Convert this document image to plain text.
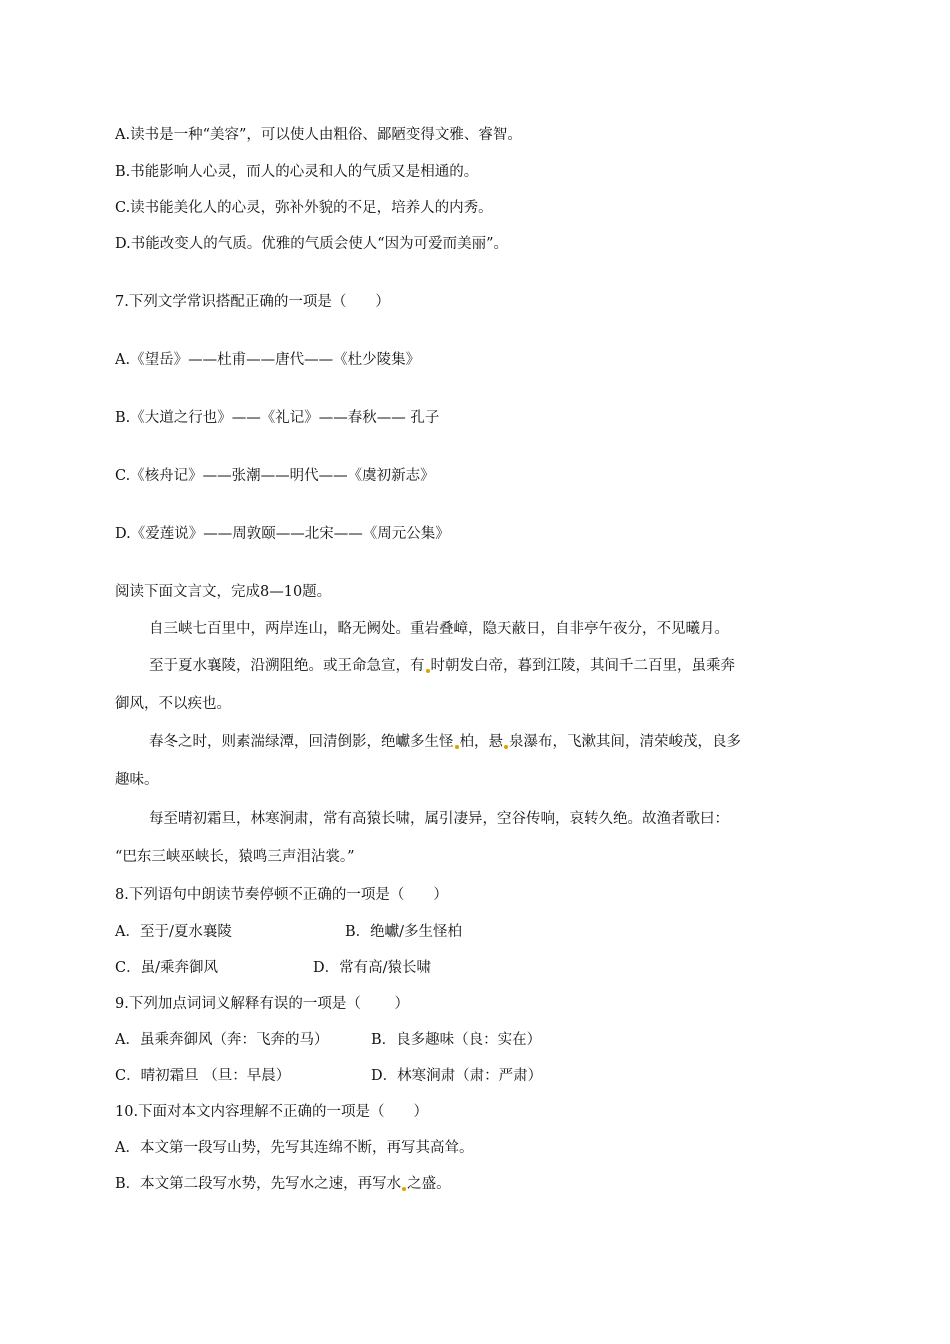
A.读书是一种“美容”，可以使人由粗俗、鄙陋变得文雅、睿智。
B.书能影响人心灵，而人的心灵和人的气质又是相通的。
C.读书能美化人的心灵，弥补外貌的不足，培养人的内秀。
D.书能改变人的气质。优雅的气质会使人“因为可爱而美丽”。
7.下列文学常识搭配正确的一项是（　　）
A.《望岳》——杜甫——唐代——《杜少陵集》
B.《大道之行也》——《礼记》——春秋—— 孔子
C.《核舟记》——张潮——明代——《虞初新志》
D.《爱莲说》——周敦颐——北宋——《周元公集》
阅读下面文言文，完成8—10题。
自三峡七百里中，两岸连山，略无阙处。重岩叠嶂，隐天蔽日，自非亭午夜分，不见曦月。
至于夏水襄陵，沿溯阻绝。或王命急宣，有 时朝发白帝，暮到江陵，其间千二百里，虽乘奔
御风，不以疾也。
春冬之时，则素湍绿潭，回清倒影，绝巘多生怪 柏，悬 泉瀑布，飞漱其间，清荣峻茂，良多
趣味。
每至晴初霜旦，林寒涧肃，常有高猿长啸，属引凄异，空谷传响，哀转久绝。故渔者歌曰：
“巴东三峡巫峡长，猿鸣三声泪沾裳。”
8.下列语句中朗读节奏停顿不正确的一项是（　　）
A．至于/夏水襄陵	B．绝巘/多生怪柏
C．虽/乘奔御风	D．常有高/猿长啸
9.下列加点词词义解释有误的一项是（　　 ）
A．虽乘奔御风（奔：飞奔的马）	B．良多趣味（良：实在）
C．晴初霜旦 （旦：早晨）	D．林寒涧肃（肃：严肃）
10.下面对本文内容理解不正确的一项是（　　）
A．本文第一段写山势，先写其连绵不断，再写其高耸。
B．本文第二段写水势，先写水之速，再写水 之盛。
